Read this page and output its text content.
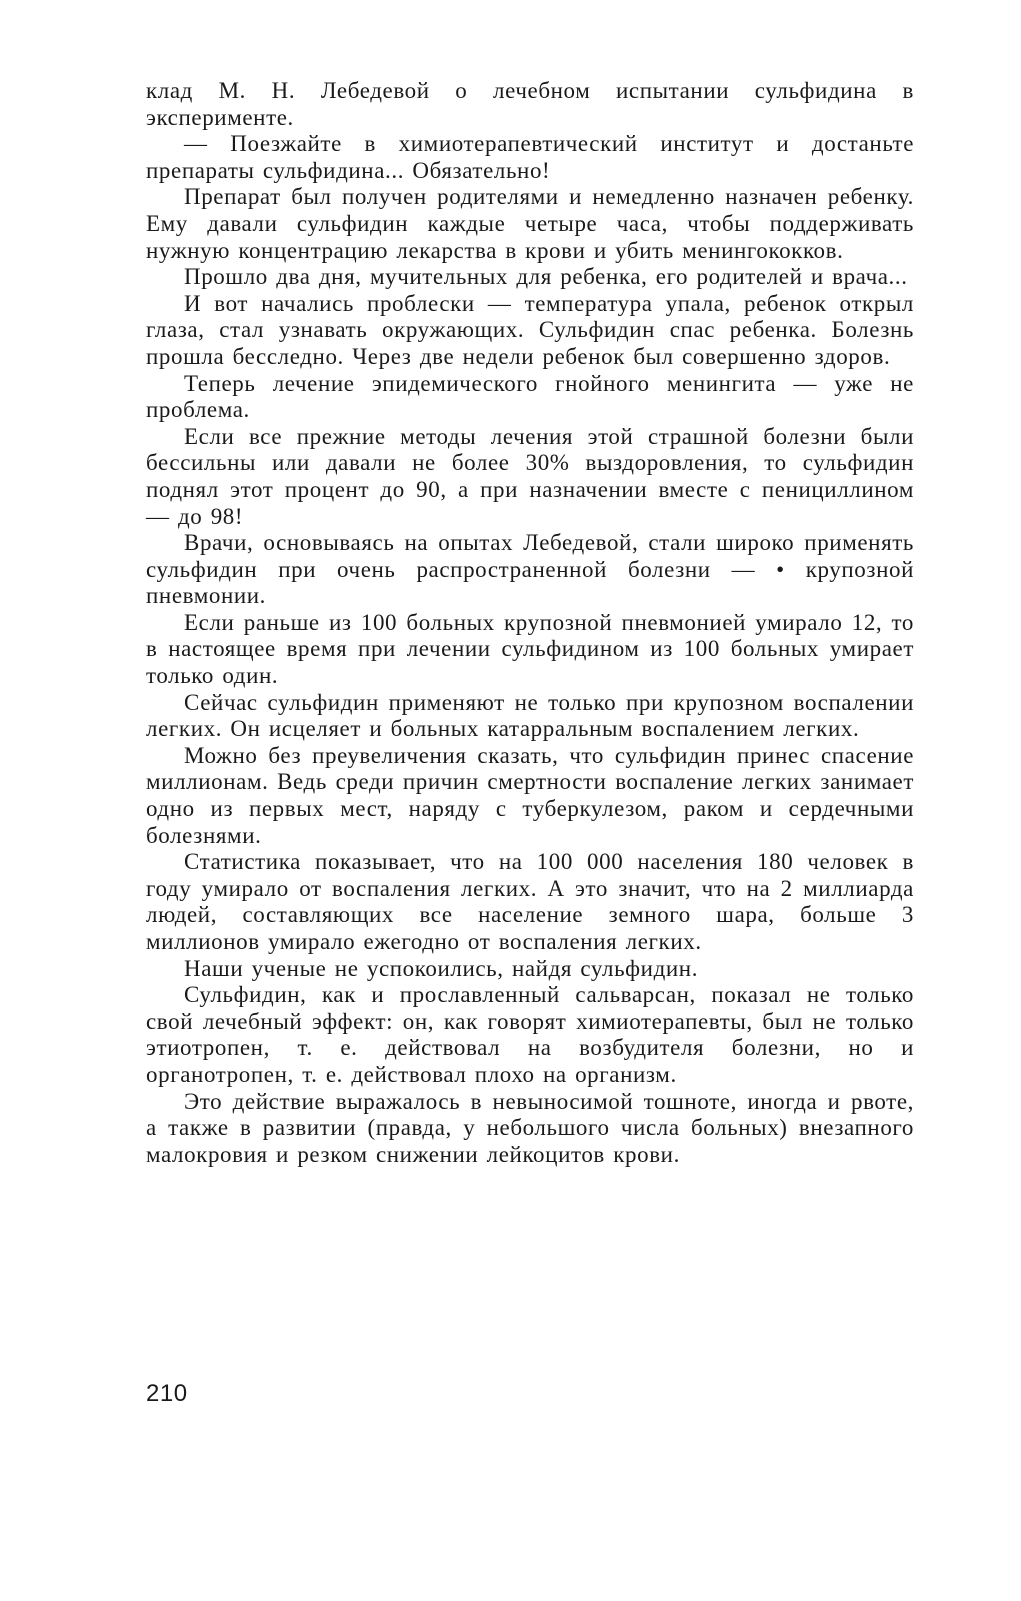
клад М. Н. Лебедевой о лечебном испытании сульфидина в эксперименте.

— Поезжайте в химиотерапевтический институт и достаньте препараты сульфидина... Обязательно!

Препарат был получен родителями и немедленно назначен ребенку. Ему давали сульфидин каждые четыре часа, чтобы поддерживать нужную концентрацию лекарства в крови и убить менингококков.

Прошло два дня, мучительных для ребенка, его родителей и врача...

И вот начались проблески — температура упала, ребенок открыл глаза, стал узнавать окружающих. Сульфидин спас ребенка. Болезнь прошла бесследно. Через две недели ребенок был совершенно здоров.

Теперь лечение эпидемического гнойного менингита — уже не проблема.

Если все прежние методы лечения этой страшной болезни были бессильны или давали не более 30% выздоровления, то сульфидин поднял этот процент до 90, а при назначении вместе с пенициллином — до 98!

Врачи, основываясь на опытах Лебедевой, стали широко применять сульфидин при очень распространенной болезни — • крупозной пневмонии.

Если раньше из 100 больных крупозной пневмонией умирало 12, то в настоящее время при лечении сульфидином из 100 больных умирает только один.

Сейчас сульфидин применяют не только при крупозном воспалении легких. Он исцеляет и больных катарральным воспалением легких.

Можно без преувеличения сказать, что сульфидин принес спасение миллионам. Ведь среди причин смертности воспаление легких занимает одно из первых мест, наряду с туберкулезом, раком и сердечными болезнями.

Статистика показывает, что на 100 000 населения 180 человек в году умирало от воспаления легких. А это значит, что на 2 миллиарда людей, составляющих все население земного шара, больше 3 миллионов умирало ежегодно от воспаления легких.

Наши ученые не успокоились, найдя сульфидин.

Сульфидин, как и прославленный сальварсан, показал не только свой лечебный эффект: он, как говорят химиотерапевты, был не только этиотропен, т. е. действовал на возбудителя болезни, но и органотропен, т. е. действовал плохо на организм.

Это действие выражалось в невыносимой тошноте, иногда и рвоте, а также в развитии (правда, у небольшого числа больных) внезапного малокровия и резком снижении лейкоцитов крови.

210
